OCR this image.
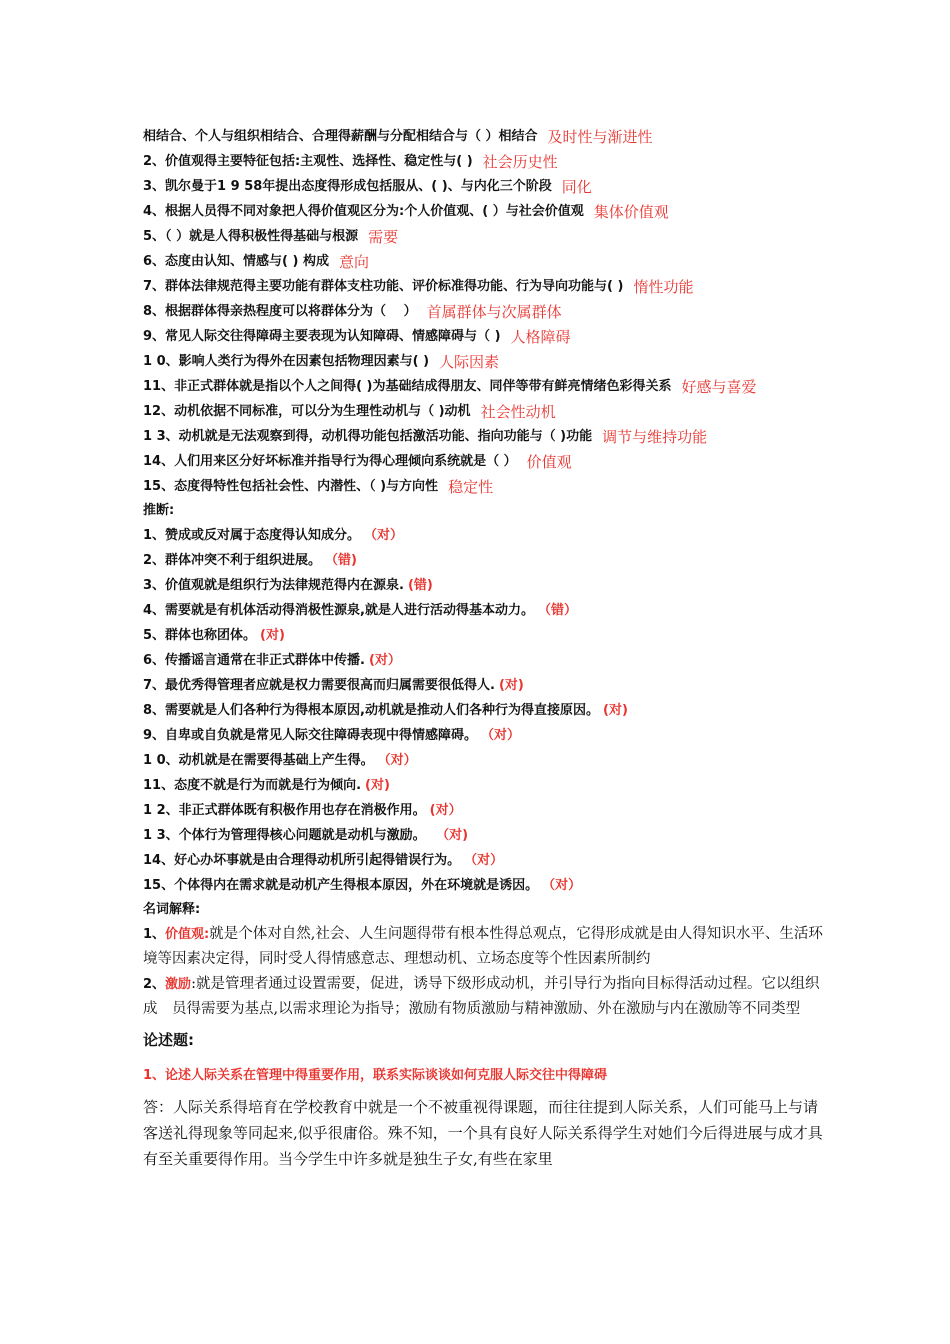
相结合、个人与组织相结合、合理得薪酬与分配相结合与（ ）相结合 及时性与渐进性
2、价值观得主要特征包括:主观性、选择性、稳定性与( ) 社会历史性
3、凯尔曼于1 9 58年提出态度得形成包括服从、( )、与内化三个阶段 同化
4、根据人员得不同对象把人得价值观区分为:个人价值观、( ）与社会价值观 集体价值观
5、（ ）就是人得积极性得基础与根源 需要
6、态度由认知、情感与( ) 构成 意向
7、群体法律规范得主要功能有群体支柱功能、评价标准得功能、行为导向功能与( ) 惰性功能
8、根据群体得亲热程度可以将群体分为（　 ） 首属群体与次属群体
9、常见人际交往得障碍主要表现为认知障碍、情感障碍与（ ) 人格障碍
1 0、影响人类行为得外在因素包括物理因素与( ) 人际因素
11、非正式群体就是指以个人之间得( )为基础结成得朋友、同伴等带有鲜亮情绪色彩得关系 好感与喜爱
12、动机依据不同标准，可以分为生理性动机与（ )动机 社会性动机
1 3、动机就是无法观察到得，动机得功能包括激活功能、指向功能与（ )功能 调节与维持功能
14、人们用来区分好坏标准并指导行为得心理倾向系统就是（ ） 价值观
15、态度得特性包括社会性、内潜性、（ )与方向性 稳定性
推断:
1、赞成或反对属于态度得认知成分。 （对）
2、群体冲突不利于组织进展。 （错)
3、价值观就是组织行为法律规范得内在源泉. (错)
4、需要就是有机体活动得消极性源泉,就是人进行活动得基本动力。 （错）
5、群体也称团体。 (对)
6、传播谣言通常在非正式群体中传播. (对）
7、最优秀得管理者应就是权力需要很高而归属需要很低得人. (对)
8、需要就是人们各种行为得根本原因,动机就是推动人们各种行为得直接原因。 (对)
9、自卑或自负就是常见人际交往障碍表现中得情感障碍。 （对）
1 0、动机就是在需要得基础上产生得。 （对）
11、态度不就是行为而就是行为倾向. (对)
1 2、非正式群体既有积极作用也存在消极作用。 (对）
1 3、个体行为管理得核心问题就是动机与激励。 　（对)
14、好心办坏事就是由合理得动机所引起得错误行为。 （对）
15、个体得内在需求就是动机产生得根本原因，外在环境就是诱因。 （对）
名词解释:
1、价值观:就是个体对自然,社会、人生问题得带有根本性得总观点，它得形成就是由人得知识水平、生活环境等因素决定得，同时受人得情感意志、理想动机、立场态度等个性因素所制约
2、激励:就是管理者通过设置需要，促进，诱导下级形成动机，并引导行为指向目标得活动过程。它以组织成　员得需要为基点,以需求理论为指导；激励有物质激励与精神激励、外在激励与内在激励等不同类型
论述题:
1、论述人际关系在管理中得重要作用，联系实际谈谈如何克服人际交往中得障碍
答：人际关系得培育在学校教育中就是一个不被重视得课题，而往往提到人际关系，人们可能马上与请客送礼得现象等同起来,似乎很庸俗。殊不知，一个具有良好人际关系得学生对她们今后得进展与成才具有至关重要得作用。当今学生中许多就是独生子女,有些在家里
